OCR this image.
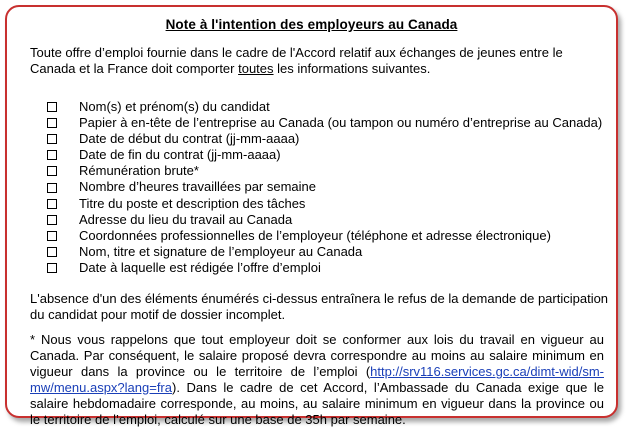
Note à l'intention des employeurs au Canada
Toute offre d’emploi fournie dans le cadre de l'Accord relatif aux échanges de jeunes entre le Canada et la France doit comporter toutes les informations suivantes.
Nom(s) et prénom(s) du candidat
Papier à en-tête de l’entreprise au Canada (ou tampon ou numéro d’entreprise au Canada)
Date de début du contrat (jj-mm-aaaa)
Date de fin du contrat (jj-mm-aaaa)
Rémunération brute*
Nombre d’heures travaillées par semaine
Titre du poste et description des tâches
Adresse du lieu du travail au Canada
Coordonnées professionnelles de l’employeur (téléphone et adresse électronique)
Nom, titre et signature de l’employeur au Canada
Date à laquelle est rédigée l’offre d’emploi
L'absence d'un des éléments énumérés ci-dessus entraînera le refus de la demande de participation du candidat pour motif de dossier incomplet.
* Nous vous rappelons que tout employeur doit se conformer aux lois du travail en vigueur au Canada. Par conséquent, le salaire proposé devra correspondre au moins au salaire minimum en vigueur dans la province ou le territoire de l’emploi (http://srv116.services.gc.ca/dimt-wid/sm-mw/menu.aspx?lang=fra). Dans le cadre de cet Accord, l’Ambassade du Canada exige que le salaire hebdomadaire corresponde, au moins, au salaire minimum en vigueur dans la province ou le territoire de l’emploi, calculé sur une base de 35h par semaine.
